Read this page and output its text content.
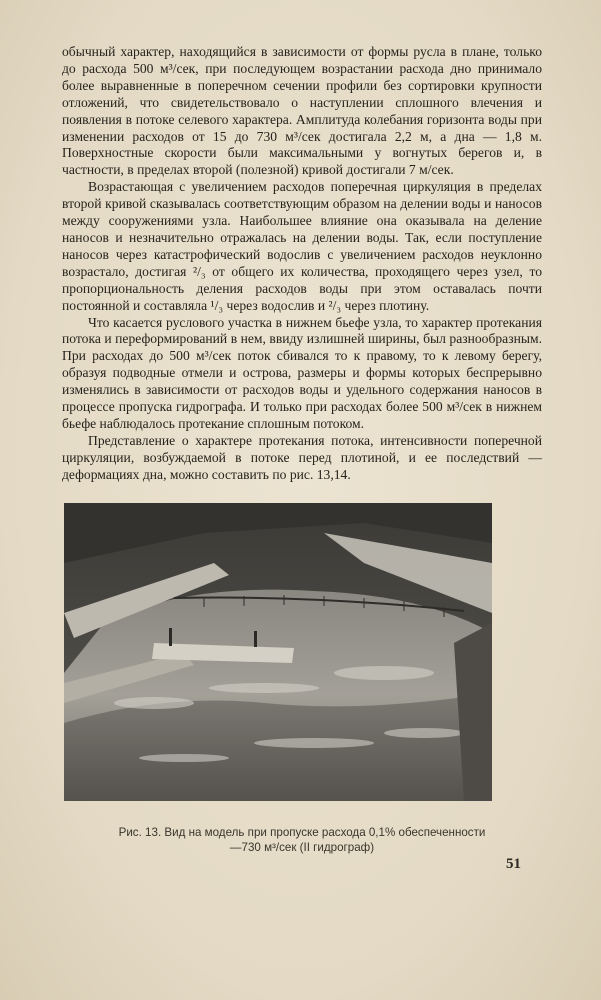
обычный характер, находящийся в зависимости от формы русла в плане, только до расхода 500 м³/сек, при последующем возрастании расхода дно принимало более выравненные в поперечном сечении профили без сортировки крупности отложений, что свидетельствовало о наступлении сплошного влечения и появления в потоке селевого характера. Амплитуда колебания горизонта воды при изменении расходов от 15 до 730 м³/сек достигала 2,2 м, а дна — 1,8 м. Поверхностные скорости были максимальными у вогнутых берегов и, в частности, в пределах второй (полезной) кривой достигали 7 м/сек.

Возрастающая с увеличением расходов поперечная циркуляция в пределах второй кривой сказывалась соответствующим образом на делении воды и наносов между сооружениями узла. Наибольшее влияние она оказывала на деление наносов и незначительно отражалась на делении воды. Так, если поступление наносов через катастрофический водослив с увеличением расходов неуклонно возрастало, достигая ²/₃ от общего их количества, проходящего через узел, то пропорциональность деления расходов воды при этом оставалась почти постоянной и составляла ¹/₃ через водослив и ²/₃ через плотину.

Что касается руслового участка в нижнем бьефе узла, то характер протекания потока и переформирований в нем, ввиду излишней ширины, был разнообразным. При расходах до 500 м³/сек поток сбивался то к правому, то к левому берегу, образуя подводные отмели и острова, размеры и формы которых беспрерывно изменялись в зависимости от расходов воды и удельного содержания наносов в процессе пропуска гидрографа. И только при расходах более 500 м³/сек в нижнем бьефе наблюдалось протекание сплошным потоком.

Представление о характере протекания потока, интенсивности поперечной циркуляции, возбуждаемой в потоке перед плотиной, и ее последствий — деформациях дна, можно составить по рис. 13,14.

Рис. 13. Вид на модель при пропуске расхода 0,1% обеспеченности
—730 м³/сек (II гидрограф)
51
